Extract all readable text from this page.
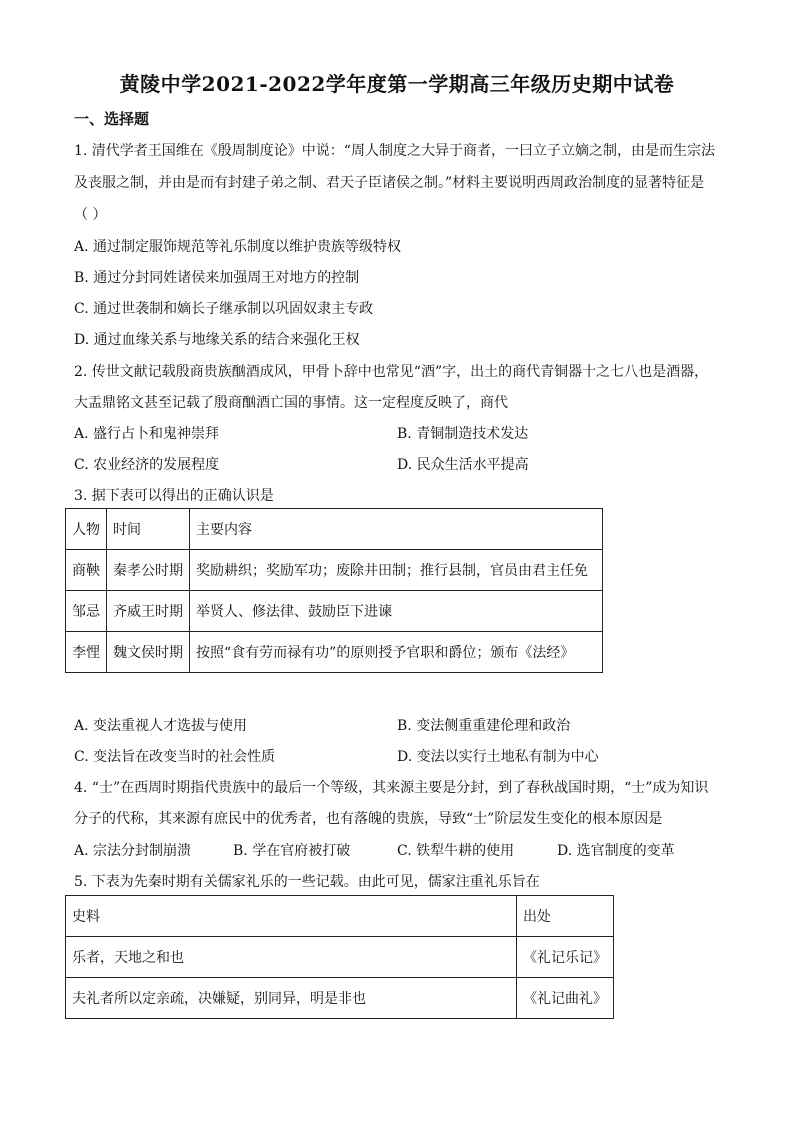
黄陵中学2021-2022学年度第一学期高三年级历史期中试卷
一、选择题
1. 清代学者王国维在《殷周制度论》中说：“周人制度之大异于商者，一曰立子立嫡之制，由是而生宗法
及丧服之制，并由是而有封建子弟之制、君天子臣诸侯之制。”材料主要说明西周政治制度的显著特征是
（ ）
A. 通过制定服饰规范等礼乐制度以维护贵族等级特权
B. 通过分封同姓诸侯来加强周王对地方的控制
C. 通过世袭制和嫡长子继承制以巩固奴隶主专政
D. 通过血缘关系与地缘关系的结合来强化王权
2. 传世文献记载殷商贵族酗酒成风，甲骨卜辞中也常见“酒”字，出土的商代青铜器十之七八也是酒器，
大盂鼎铭文甚至记载了殷商酗酒亡国的事情。这一定程度反映了，商代
A. 盛行占卜和鬼神崇拜	B. 青铜制造技术发达
C. 农业经济的发展程度	D. 民众生活水平提高
3. 据下表可以得出的正确认识是
人物	时间	主要内容
商鞅	秦孝公时期	奖励耕织；奖励军功；废除井田制；推行县制，官员由君主任免
邹忌	齐威王时期	举贤人、修法律、鼓励臣下进谏
李悝	魏文侯时期	按照“食有劳而禄有功”的原则授予官职和爵位；颁布《法经》
A. 变法重视人才选拔与使用	B. 变法侧重重建伦理和政治
C. 变法旨在改变当时的社会性质	D. 变法以实行土地私有制为中心
4. “士”在西周时期指代贵族中的最后一个等级，其来源主要是分封，到了春秋战国时期，“士”成为知识
分子的代称，其来源有庶民中的优秀者，也有落魄的贵族，导致“士”阶层发生变化的根本原因是
A. 宗法分封制崩溃	B. 学在官府被打破	C. 铁犁牛耕的使用	D. 选官制度的变革
5. 下表为先秦时期有关儒家礼乐的一些记载。由此可见，儒家注重礼乐旨在
史料	出处
乐者，天地之和也	《礼记乐记》
夫礼者所以定亲疏，决嫌疑，别同异，明是非也	《礼记曲礼》
